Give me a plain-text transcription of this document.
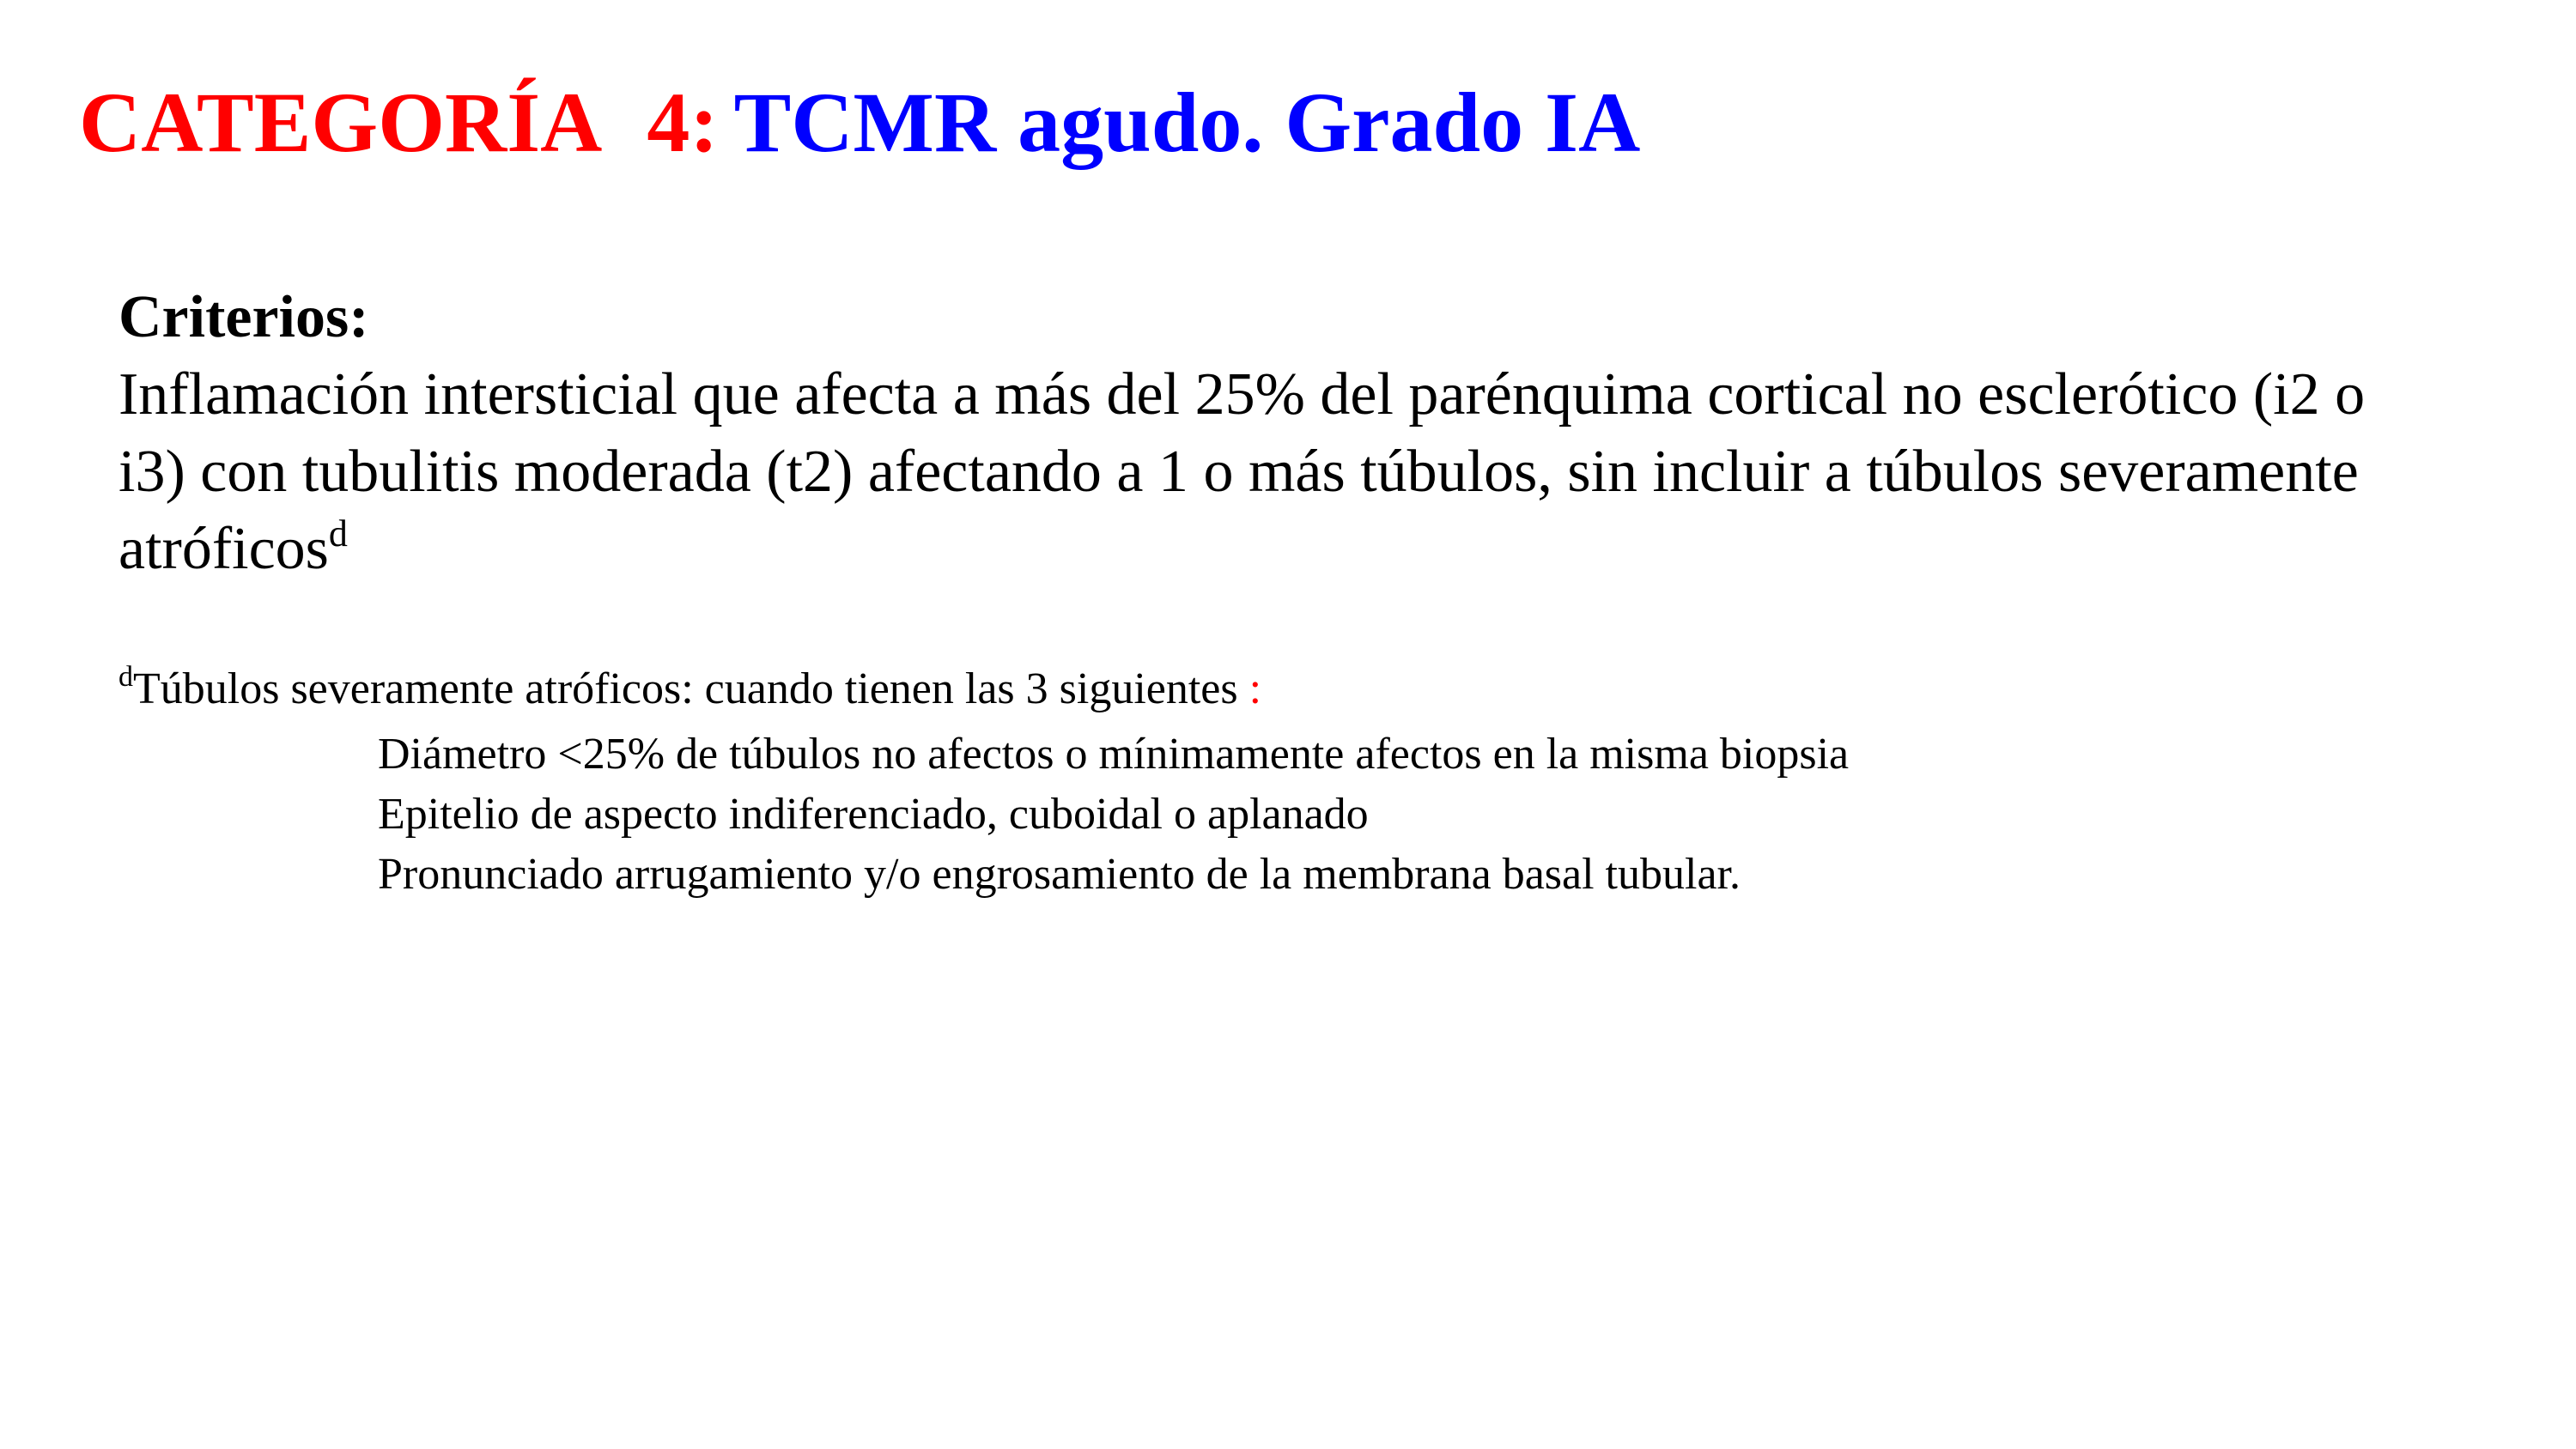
CATEGORÍA 4: TCMR agudo. Grado IA

Criterios:

Inflamación intersticial que afecta a más del 25% del parénquima cortical no esclerótico (i2 o i3) con tubulitis moderada (t2) afectando a 1 o más túbulos, sin incluir a túbulos severamente atróficos$^d$

$^d$Túbulos severamente atróficos: cuando tienen las 3 siguientes :

Diámetro <25% de túbulos no afectos o mínimamente afectos en la misma biopsia
Epitelio de aspecto indiferenciado, cuboidal o aplanado
Pronunciado arrugamiento y/o engrosamiento de la membrana basal tubular.
